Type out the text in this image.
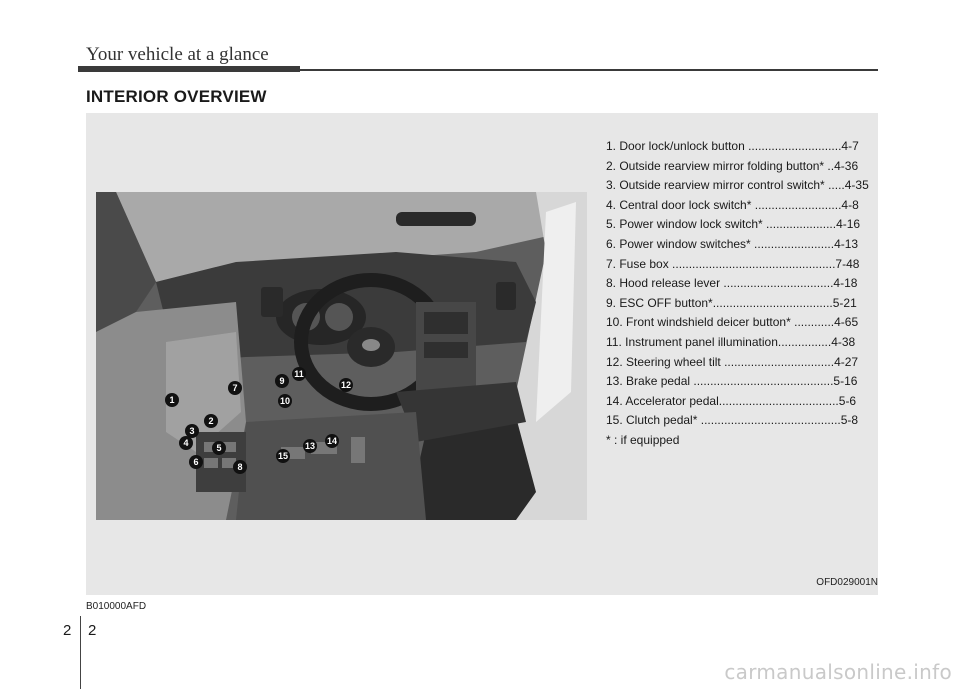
Your vehicle at a glance
INTERIOR OVERVIEW
1
2
3
4	5
6
7
8
9
10
11
12
13 14
15
1. Door lock/unlock button ............................4-7
2. Outside rearview mirror folding button* ..4-36
3. Outside rearview mirror control switch* .....4-35
4. Central door lock switch* ..........................4-8
5. Power window lock switch* .....................4-16
6. Power window switches* ........................4-13
7. Fuse box .................................................7-48
8. Hood release lever .................................4-18
9. ESC OFF button*....................................5-21
10. Front windshield deicer button* ............4-65
11. Instrument panel illumination................4-38
12. Steering wheel tilt .................................4-27
13. Brake pedal ..........................................5-16
14. Accelerator pedal....................................5-6
15. Clutch pedal* ..........................................5-8
* : if equipped
OFD029001N
B010000AFD
2 2
carmanualsonline.info
